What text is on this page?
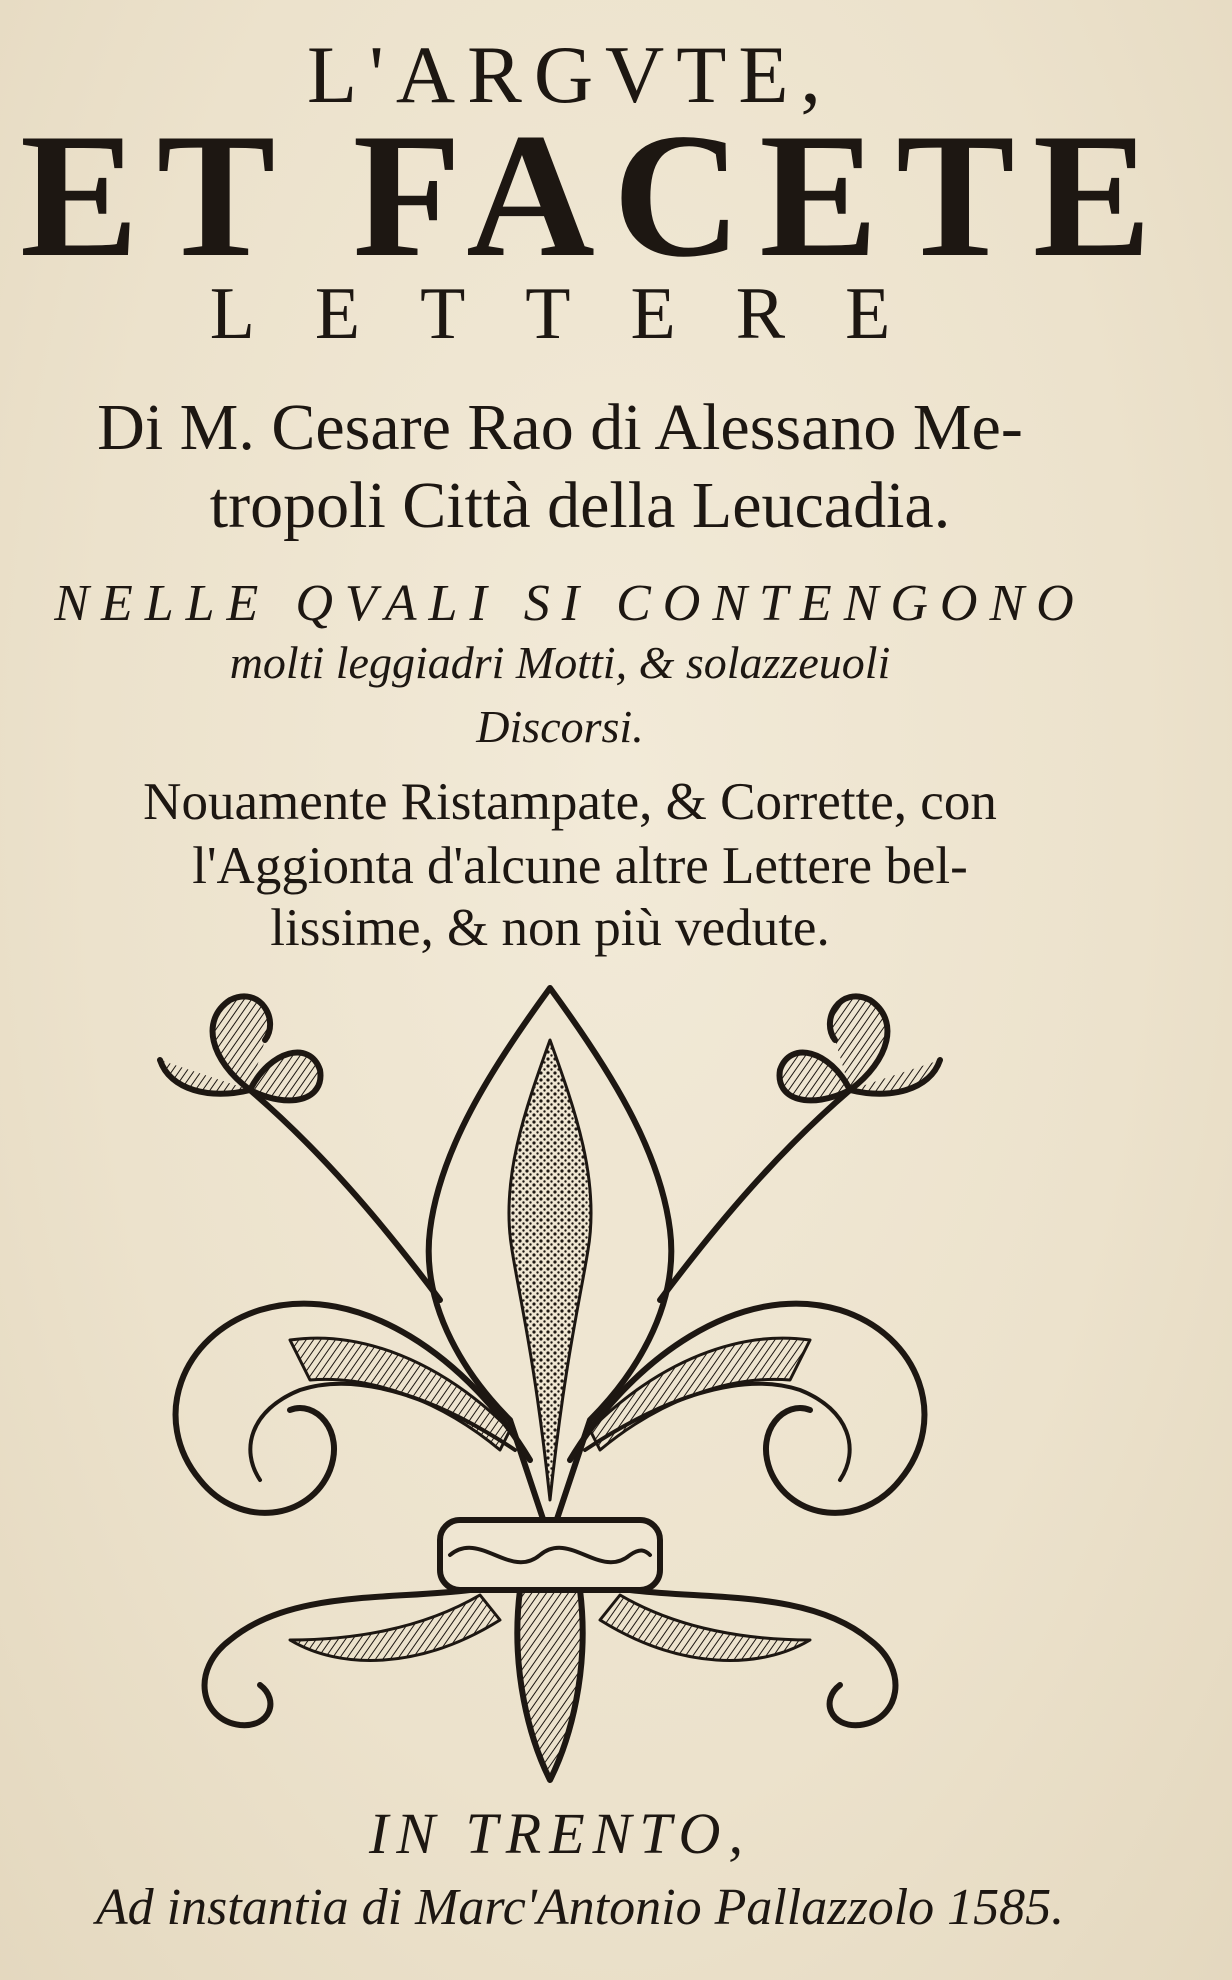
L'ARGVTE,
ET FACETE
LETTERE
Di M. Cesare Rao di Alessano Me-
tropoli Città della Leucadia.
NELLE QVALI SI CONTENGONO
molti leggiadri Motti, & solazzeuoli
Discorsi.
Nouamente Ristampate, & Corrette, con
l'Aggionta d'alcune altre Lettere bel-
lissime, & non più vedute.
IN TRENTO,
Ad instantia di Marc'Antonio Pallazzolo 1585.
